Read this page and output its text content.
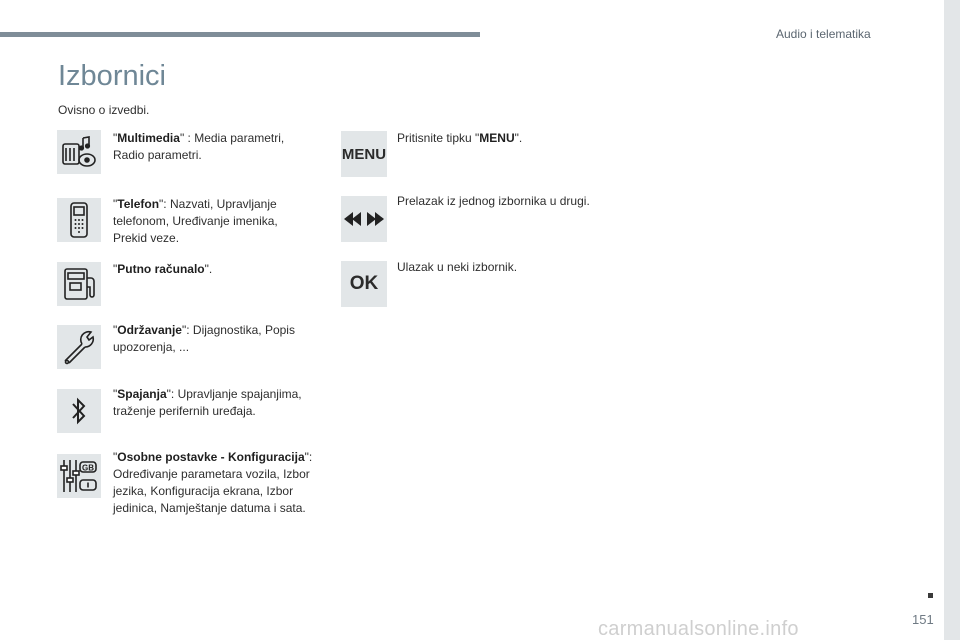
Audio i telematika
Izbornici
Ovisno o izvedbi.
"Multimedia" : Media parametri, Radio parametri.
"Telefon": Nazvati, Upravljanje telefonom, Uređivanje imenika, Prekid veze.
"Putno računalo".
"Održavanje": Dijagnostika, Popis upozorenja, ...
"Spajanja": Upravljanje spajanjima, traženje perifernih uređaja.
GB
"Osobne postavke - Konfiguracija": Određivanje parametara vozila, Izbor jezika, Konfiguracija ekrana, Izbor jedinica, Namještanje datuma i sata.
MENU
Pritisnite tipku "MENU".
Prelazak iz jednog izbornika u drugi.
OK
Ulazak u neki izbornik.
151
carmanualsonline.info
